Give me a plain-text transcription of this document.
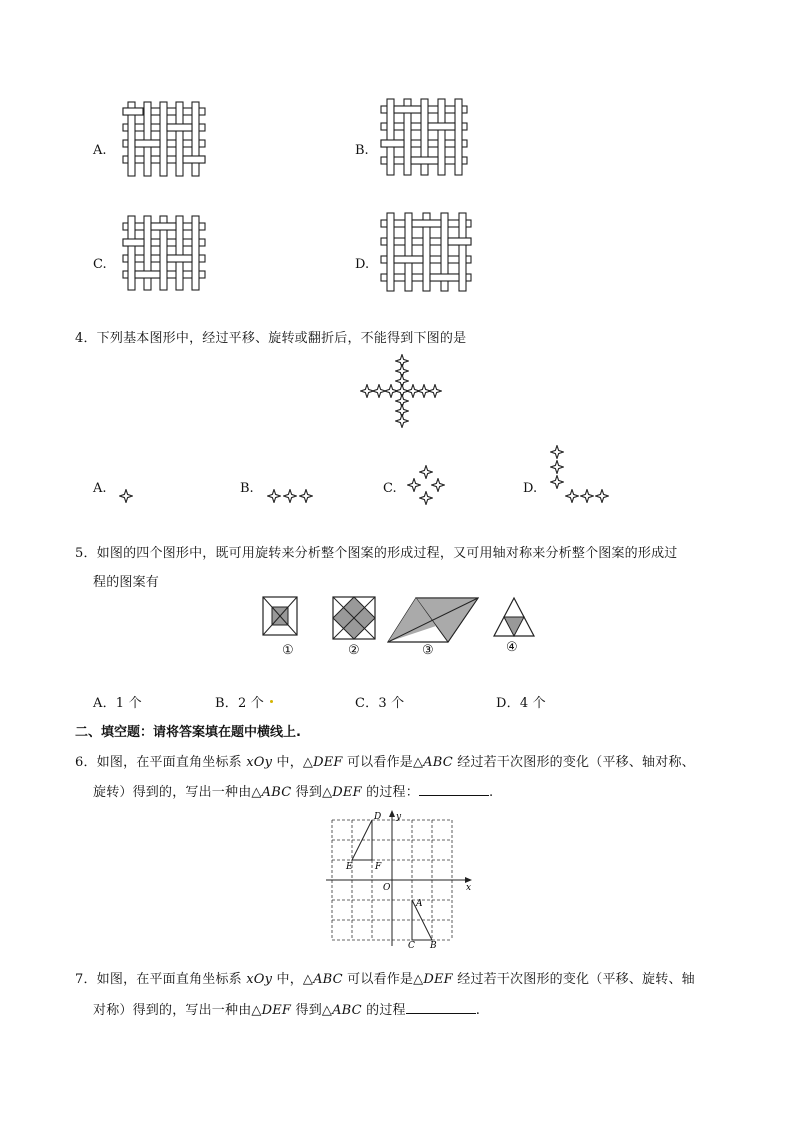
A.	B.
C.	D.
4．下列基本图形中，经过平移、旋转或翻折后，不能得到下图的是
A.	B.	C.	D.
5．如图的四个图形中，既可用旋转来分析整个图案的形成过程，又可用轴对称来分析整个图案的形成过
程的图案有
①	②	③	④
A．1 个	B．2 个	C．3 个	D．4 个
二、填空题：请将答案填在题中横线上.
6．如图，在平面直角坐标系 xOy 中，△DEF 可以看作是△ABC 经过若干次图形的变化（平移、轴对称、
旋转）得到的，写出一种由△ABC 得到△DEF 的过程：	.
D
E F
O
A
C B
x
y
7．如图，在平面直角坐标系 xOy 中，△ABC 可以看作是△DEF 经过若干次图形的变化（平移、旋转、轴
对称）得到的，写出一种由△DEF 得到△ABC 的过程	.
